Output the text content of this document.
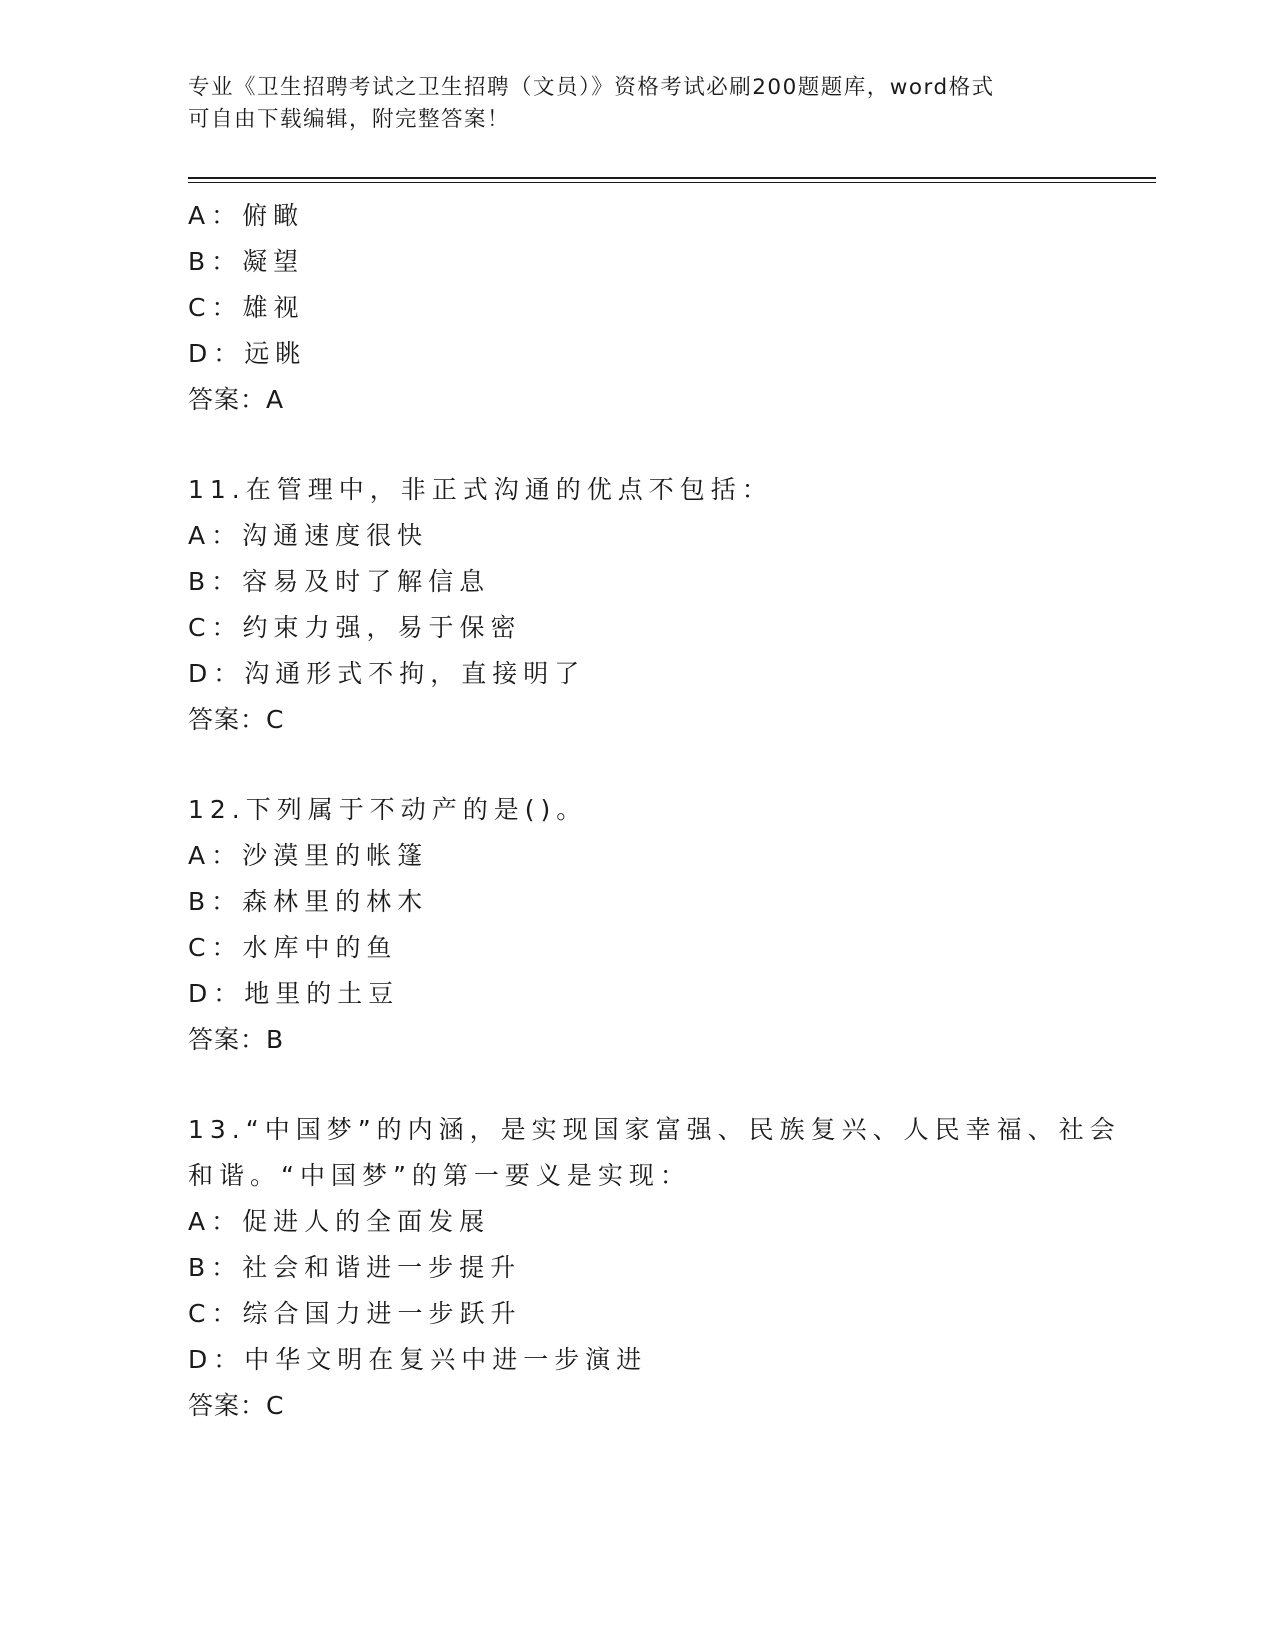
专业《卫生招聘考试之卫生招聘（文员）》资格考试必刷200题题库，word格式
可自由下载编辑，附完整答案！
A：俯瞰
B：凝望
C：雄视
D：远眺
答案：A
11.在管理中，非正式沟通的优点不包括：
A：沟通速度很快
B：容易及时了解信息
C：约束力强，易于保密
D：沟通形式不拘，直接明了
答案：C
12.下列属于不动产的是()。
A：沙漠里的帐篷
B：森林里的林木
C：水库中的鱼
D：地里的土豆
答案：B
13.“中国梦”的内涵，是实现国家富强、民族复兴、人民幸福、社会
和谐。“中国梦”的第一要义是实现：
A：促进人的全面发展
B：社会和谐进一步提升
C：综合国力进一步跃升
D：中华文明在复兴中进一步演进
答案：C
